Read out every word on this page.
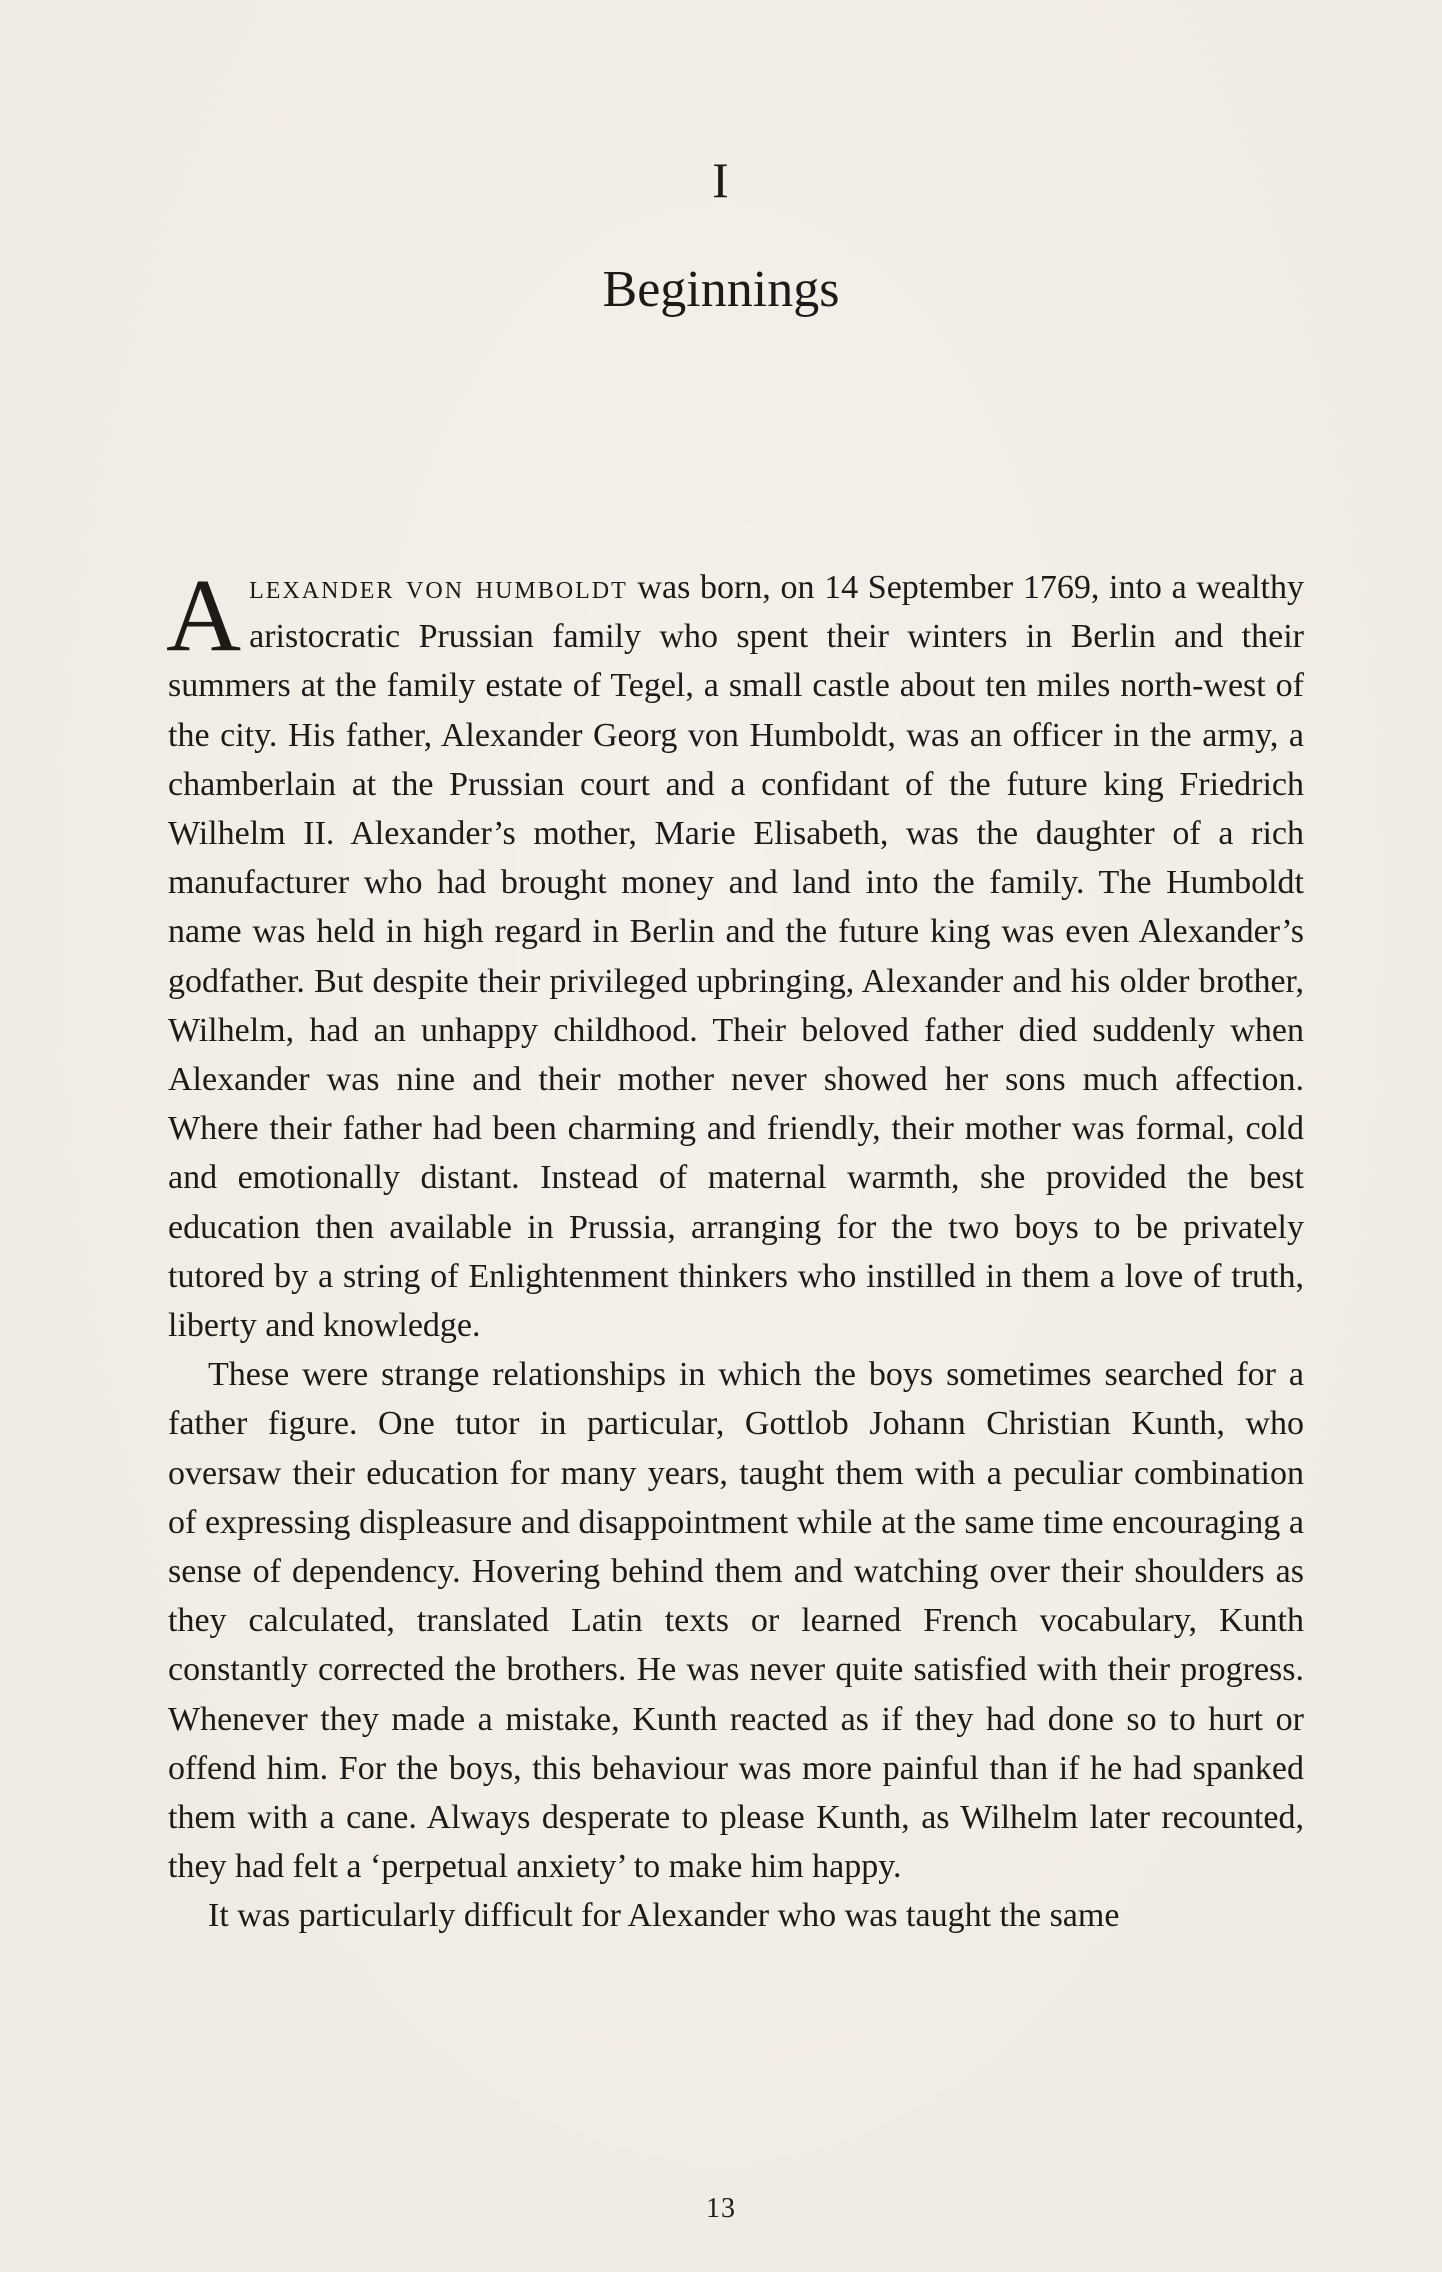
I
Beginnings

Alexander von humboldt was born, on 14 September 1769, into a wealthy aristocratic Prussian family who spent their winters in Berlin and their summers at the family estate of Tegel, a small castle about ten miles north-west of the city. His father, Alexander Georg von Humboldt, was an officer in the army, a chamberlain at the Prussian court and a confidant of the future king Friedrich Wilhelm II. Alexander’s mother, Marie Elisabeth, was the daughter of a rich manufacturer who had brought money and land into the family. The Humboldt name was held in high regard in Berlin and the future king was even Alexander’s godfather. But despite their privileged upbringing, Alexander and his older brother, Wilhelm, had an unhappy childhood. Their beloved father died suddenly when Alexander was nine and their mother never showed her sons much affection. Where their father had been charming and friendly, their mother was formal, cold and emotionally distant. Instead of maternal warmth, she provided the best education then available in Prussia, arranging for the two boys to be privately tutored by a string of Enlightenment thinkers who instilled in them a love of truth, liberty and knowledge.

These were strange relationships in which the boys sometimes searched for a father figure. One tutor in particular, Gottlob Johann Christian Kunth, who oversaw their education for many years, taught them with a peculiar combination of expressing displeasure and disappointment while at the same time encouraging a sense of dependency. Hovering behind them and watching over their shoulders as they calculated, translated Latin texts or learned French vocabulary, Kunth constantly corrected the brothers. He was never quite satisfied with their progress. Whenever they made a mistake, Kunth reacted as if they had done so to hurt or offend him. For the boys, this behaviour was more painful than if he had spanked them with a cane. Always desperate to please Kunth, as Wilhelm later recounted, they had felt a ‘perpetual anxiety’ to make him happy.

It was particularly difficult for Alexander who was taught the same

13
